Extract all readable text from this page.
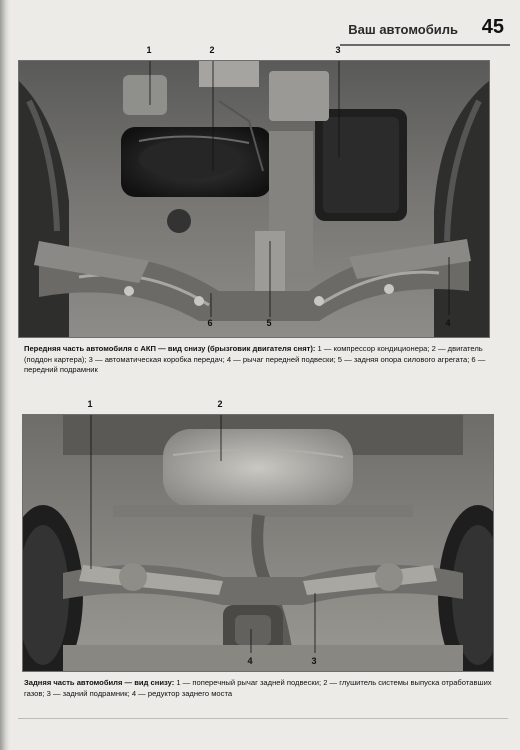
Ваш автомобиль 45
1	2	3
4
5
6
Передняя часть автомобиля с АКП — вид снизу (брызговик двигателя снят): 1 — компрессор кондиционера; 2 — двигатель (поддон картера); 3 — автоматическая коробка передач; 4 — рычаг передней подвески; 5 — задняя опора силового агрегата; 6 — передний подрамник
1	2
3
4
Задняя часть автомобиля — вид снизу: 1 — поперечный рычаг задней подвески; 2 — глушитель системы выпуска отработавших газов; 3 — задний подрамник; 4 — редуктор заднего моста
